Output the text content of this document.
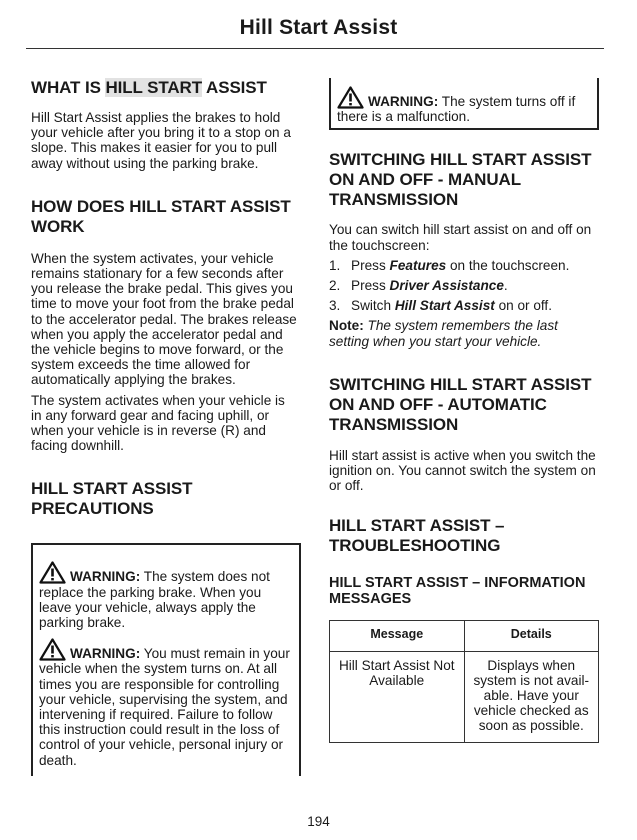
Hill Start Assist
WHAT IS HILL START ASSIST

Hill Start Assist applies the brakes to hold your vehicle after you bring it to a stop on a slope. This makes it easier for you to pull away without using the parking brake.

HOW DOES HILL START ASSIST WORK

When the system activates, your vehicle remains stationary for a few seconds after you release the brake pedal. This gives you time to move your foot from the brake pedal to the accelerator pedal. The brakes release when you apply the accelerator pedal and the vehicle begins to move forward, or the system exceeds the time allowed for automatically applying the brakes.

The system activates when your vehicle is in any forward gear and facing uphill, or when your vehicle is in reverse (R) and facing downhill.

HILL START ASSIST PRECAUTIONS

WARNING: The system does not replace the parking brake. When you leave your vehicle, always apply the parking brake.

WARNING: You must remain in your vehicle when the system turns on. At all times you are responsible for controlling your vehicle, supervising the system, and intervening if required. Failure to follow this instruction could result in the loss of control of your vehicle, personal injury or death.

WARNING: The system turns off if there is a malfunction.

SWITCHING HILL START ASSIST ON AND OFF - MANUAL TRANSMISSION

You can switch hill start assist on and off on the touchscreen:

1. Press Features on the touchscreen.
2. Press Driver Assistance.
3. Switch Hill Start Assist on or off.

Note: The system remembers the last setting when you start your vehicle.

SWITCHING HILL START ASSIST ON AND OFF - AUTOMATIC TRANSMISSION

Hill start assist is active when you switch the ignition on. You cannot switch the system on or off.

HILL START ASSIST – TROUBLESHOOTING
HILL START ASSIST – INFORMATION MESSAGES
Message	Details
Hill Start Assist Not Available	Displays when system is not avail- able. Have your vehicle checked as soon as possible.
194
